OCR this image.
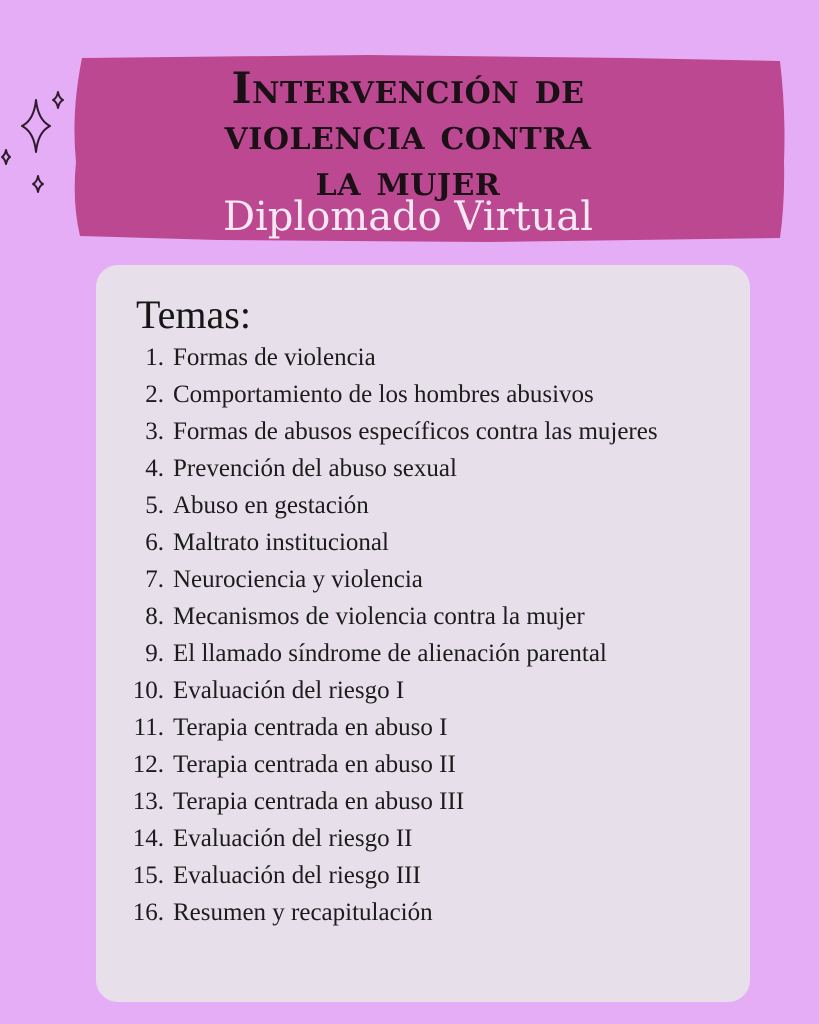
Intervención de
violencia contra
la mujer
Diplomado Virtual
Temas:
1. Formas de violencia
2. Comportamiento de los hombres abusivos
3. Formas de abusos específicos contra las mujeres
4. Prevención del abuso sexual
5. Abuso en gestación
6. Maltrato institucional
7. Neurociencia y violencia
8. Mecanismos de violencia contra la mujer
9. El llamado síndrome de alienación parental
10. Evaluación del riesgo I
11. Terapia centrada en abuso I
12. Terapia centrada en abuso II
13. Terapia centrada en abuso III
14. Evaluación del riesgo II
15. Evaluación del riesgo III
16. Resumen y recapitulación
